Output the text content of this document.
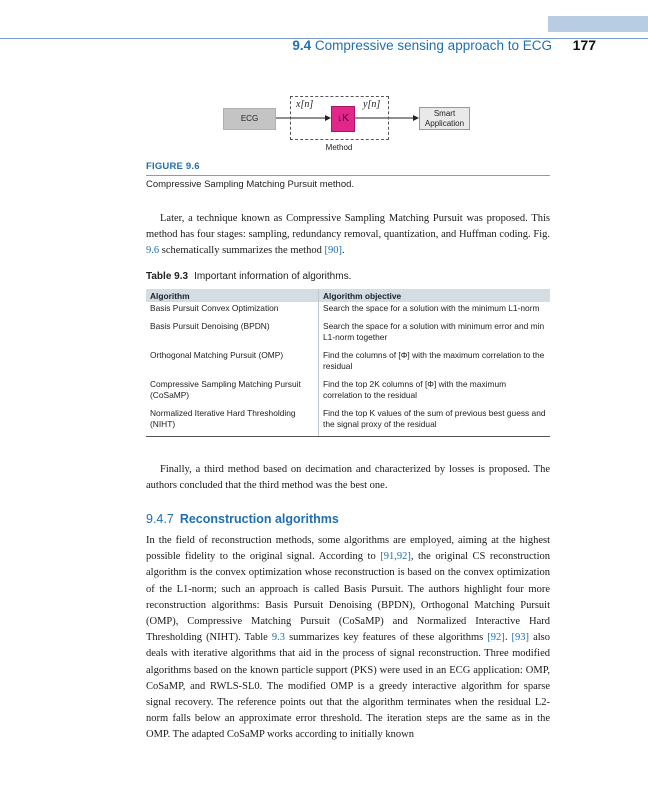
9.4 Compressive sensing approach to ECG 177
ECG	↓K	Smart
Application
x[n]	y[n]
Method
FIGURE 9.6
Compressive Sampling Matching Pursuit method.

Later, a technique known as Compressive Sampling Matching Pursuit was proposed. This method has four stages: sampling, redundancy removal, quantization, and Huffman coding. Fig. 9.6 schematically summarizes the method [90].

Table 9.3 Important information of algorithms.
Algorithm	Algorithm objective
Basis Pursuit Convex Optimization	Search the space for a solution with the minimum L1-norm
Basis Pursuit Denoising (BPDN)	Search the space for a solution with minimum error and min L1-norm together
Orthogonal Matching Pursuit (OMP)	Find the columns of [Φ] with the maximum correlation to the residual
Compressive Sampling Matching Pursuit (CoSaMP)	Find the top 2K columns of [Φ] with the maximum correlation to the residual
Normalized Iterative Hard Thresholding (NIHT)	Find the top K values of the sum of previous best guess and the signal proxy of the residual

Finally, a third method based on decimation and characterized by losses is proposed. The authors concluded that the third method was the best one.

9.4.7 Reconstruction algorithms

In the field of reconstruction methods, some algorithms are employed, aiming at the highest possible fidelity to the original signal. According to [91,92], the original CS reconstruction algorithm is the convex optimization whose reconstruction is based on the convex optimization of the L1-norm; such an approach is called Basis Pursuit. The authors highlight four more reconstruction algorithms: Basis Pursuit Denoising (BPDN), Orthogonal Matching Pursuit (OMP), Compressive Matching Pursuit (CoSaMP) and Normalized Interactive Hard Thresholding (NIHT). Table 9.3 summarizes key features of these algorithms [92]. [93] also deals with iterative algorithms that aid in the process of signal reconstruction. Three modified algorithms based on the known particle support (PKS) were used in an ECG application: OMP, CoSaMP, and RWLS-SL0. The modified OMP is a greedy interactive algorithm for sparse signal recovery. The reference points out that the algorithm terminates when the residual L2-norm falls below an approximate error threshold. The iteration steps are the same as in the OMP. The adapted CoSaMP works according to initially known
